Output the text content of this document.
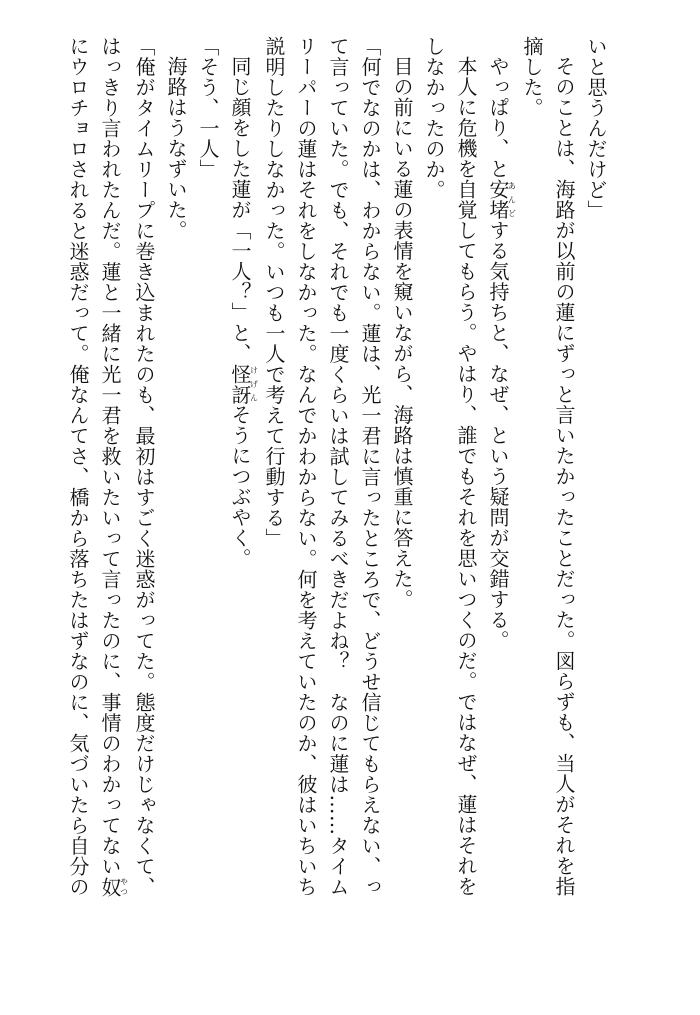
いと思うんだけど」
そのことは、海路が以前の蓮にずっと言いたかったことだった。図らずも、当人がそれを指
摘した。
やっぱり、と安堵あんどする気持ちと、なぜ、という疑問が交錯する。
本人に危機を自覚してもらう。やはり、誰でもそれを思いつくのだ。ではなぜ、蓮はそれを
しなかったのか。
目の前にいる蓮の表情を窺いながら、海路は慎重に答えた。
「何でなのかは、わからない。蓮は、光一君に言ったところで、どうせ信じてもらえない、っ
て言っていた。でも、それでも一度くらいは試してみるべきだよね？　なのに蓮は……タイム
リーパーの蓮はそれをしなかった。なんでかわからない。何を考えていたのか、彼はいちいち
説明したりしなかった。いつも一人で考えて行動する」
同じ顔をした蓮が「一人？」と、怪訝けげんそうにつぶやく。
「そう、一人」
海路はうなずいた。
「俺がタイムリープに巻き込まれたのも、最初はすごく迷惑がってた。態度だけじゃなくて、
はっきり言われたんだ。蓮と一緒に光一君を救いたいって言ったのに、事情のわかってない奴やつ
にウロチョロされると迷惑だって。俺なんてさ、橋から落ちたはずなのに、気づいたら自分の
